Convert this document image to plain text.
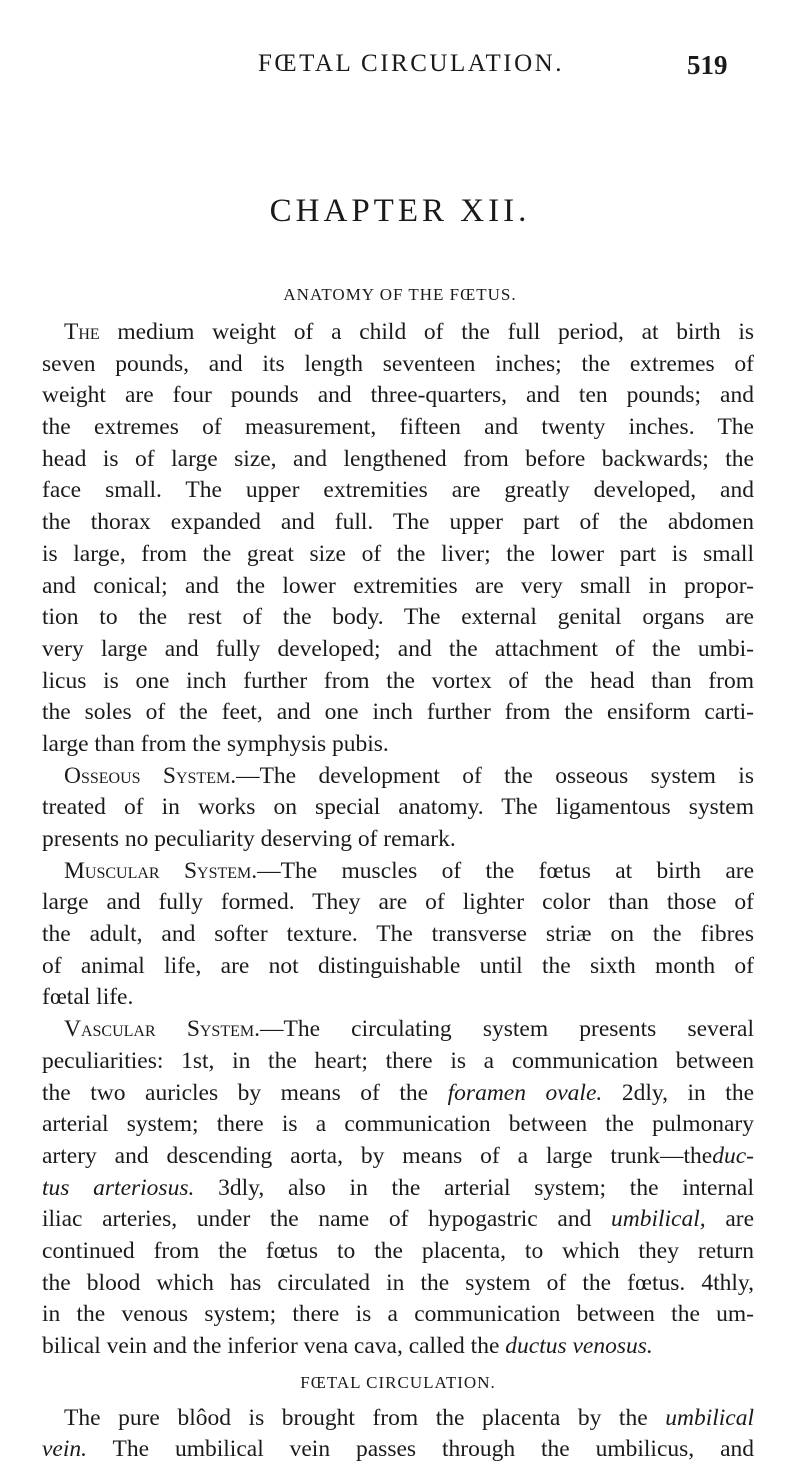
FŒTAL CIRCULATION.	519
CHAPTER XII.
ANATOMY OF THE FŒTUS.
The medium weight of a child of the full period, at birth is
seven pounds, and its length seventeen inches; the extremes of
weight are four pounds and three-quarters, and ten pounds; and
the extremes of measurement, fifteen and twenty inches. The
head is of large size, and lengthened from before backwards; the
face small. The upper extremities are greatly developed, and
the thorax expanded and full. The upper part of the abdomen
is large, from the great size of the liver; the lower part is small
and conical; and the lower extremities are very small in propor-
tion to the rest of the body. The external genital organs are
very large and fully developed; and the attachment of the umbi-
licus is one inch further from the vortex of the head than from
the soles of the feet, and one inch further from the ensiform carti-
large than from the symphysis pubis.
Osseous System.—The development of the osseous system is
treated of in works on special anatomy. The ligamentous system
presents no peculiarity deserving of remark.
Muscular System.—The muscles of the fœtus at birth are
large and fully formed. They are of lighter color than those of
the adult, and softer texture. The transverse striæ on the fibres
of animal life, are not distinguishable until the sixth month of
fœtal life.
Vascular System.—The circulating system presents several
peculiarities: 1st, in the heart; there is a communication between
the two auricles by means of the foramen ovale. 2dly, in the
arterial system; there is a communication between the pulmonary
artery and descending aorta, by means of a large trunk—theduc-
tus arteriosus. 3dly, also in the arterial system; the internal
iliac arteries, under the name of hypogastric and umbilical, are
continued from the fœtus to the placenta, to which they return
the blood which has circulated in the system of the fœtus. 4thly,
in the venous system; there is a communication between the um-
bilical vein and the inferior vena cava, called the ductus venosus.
FŒTAL CIRCULATION.
The pure blôod is brought from the placenta by the umbilical
vein. The umbilical vein passes through the umbilicus, and
